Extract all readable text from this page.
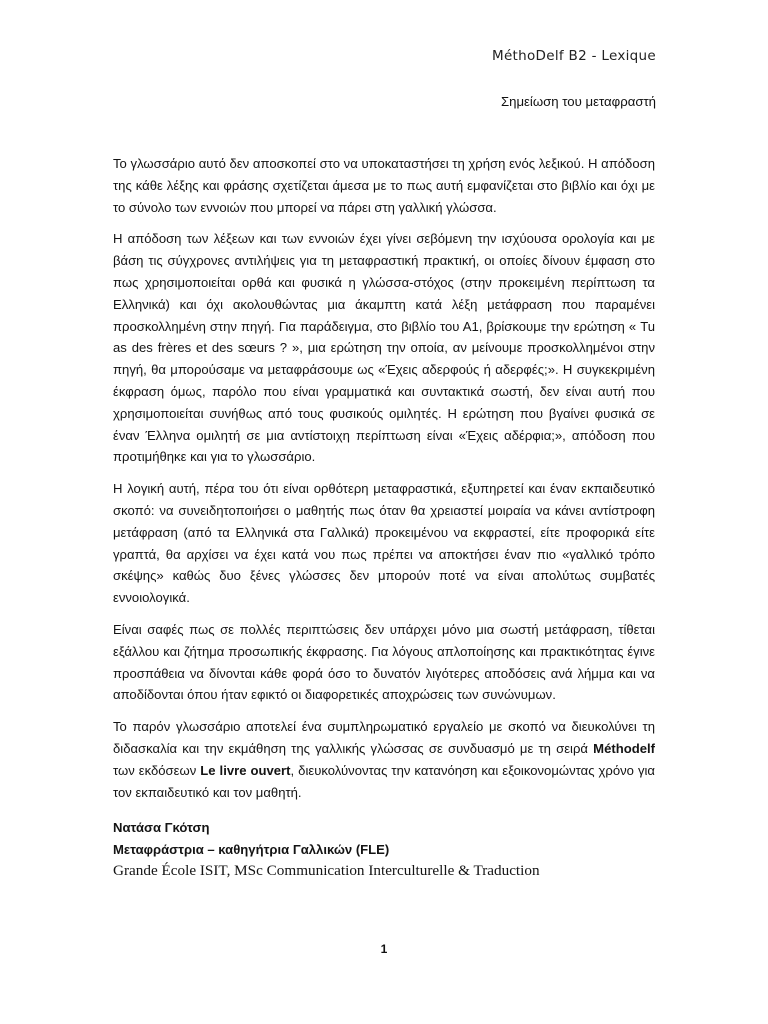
MéthoDelf B2 - Lexique
Σημείωση του μεταφραστή

Το γλωσσάριο αυτό δεν αποσκοπεί στο να υποκαταστήσει τη χρήση ενός λεξικού. Η απόδοση της κάθε λέξης και φράσης σχετίζεται άμεσα με το πως αυτή εμφανίζεται στο βιβλίο και όχι με το σύνολο των εννοιών που μπορεί να πάρει στη γαλλική γλώσσα.

Η απόδοση των λέξεων και των εννοιών έχει γίνει σεβόμενη την ισχύουσα ορολογία και με βάση τις σύγχρονες αντιλήψεις για τη μεταφραστική πρακτική, οι οποίες δίνουν έμφαση στο πως χρησιμοποιείται ορθά και φυσικά η γλώσσα-στόχος (στην προκειμένη περίπτωση τα Ελληνικά) και όχι ακολουθώντας μια άκαμπτη κατά λέξη μετάφραση που παραμένει προσκολλημένη στην πηγή. Για παράδειγμα, στο βιβλίο του Α1, βρίσκουμε την ερώτηση « Tu as des frères et des sœurs ? », μια ερώτηση την οποία, αν μείνουμε προσκολλημένοι στην πηγή, θα μπορούσαμε να μεταφράσουμε ως «Έχεις αδερφούς ή αδερφές;». Η συγκεκριμένη έκφραση όμως, παρόλο που είναι γραμματικά και συντακτικά σωστή, δεν είναι αυτή που χρησιμοποιείται συνήθως από τους φυσικούς ομιλητές. Η ερώτηση που βγαίνει φυσικά σε έναν Έλληνα ομιλητή σε μια αντίστοιχη περίπτωση είναι «Έχεις αδέρφια;», απόδοση που προτιμήθηκε και για το γλωσσάριο.

Η λογική αυτή, πέρα του ότι είναι ορθότερη μεταφραστικά, εξυπηρετεί και έναν εκπαιδευτικό σκοπό: να συνειδητοποιήσει ο μαθητής πως όταν θα χρειαστεί μοιραία να κάνει αντίστροφη μετάφραση (από τα Ελληνικά στα Γαλλικά) προκειμένου να εκφραστεί, είτε προφορικά είτε γραπτά, θα αρχίσει να έχει κατά νου πως πρέπει να αποκτήσει έναν πιο «γαλλικό τρόπο σκέψης» καθώς δυο ξένες γλώσσες δεν μπορούν ποτέ να είναι απολύτως συμβατές εννοιολογικά.

Είναι σαφές πως σε πολλές περιπτώσεις δεν υπάρχει μόνο μια σωστή μετάφραση, τίθεται εξάλλου και ζήτημα προσωπικής έκφρασης. Για λόγους απλοποίησης και πρακτικότητας έγινε προσπάθεια να δίνονται κάθε φορά όσο το δυνατόν λιγότερες αποδόσεις ανά λήμμα και να αποδίδονται όπου ήταν εφικτό οι διαφορετικές αποχρώσεις των συνώνυμων.

Το παρόν γλωσσάριο αποτελεί ένα συμπληρωματικό εργαλείο με σκοπό να διευκολύνει τη διδασκαλία και την εκμάθηση της γαλλικής γλώσσας σε συνδυασμό με τη σειρά Méthodelf των εκδόσεων Le livre ouvert, διευκολύνοντας την κατανόηση και εξοικονομώντας χρόνο για τον εκπαιδευτικό και τον μαθητή.

Νατάσα Γκότση
Μεταφράστρια – καθηγήτρια Γαλλικών (FLE)
Grande École ISIT, MSc Communication Interculturelle & Traduction
1
